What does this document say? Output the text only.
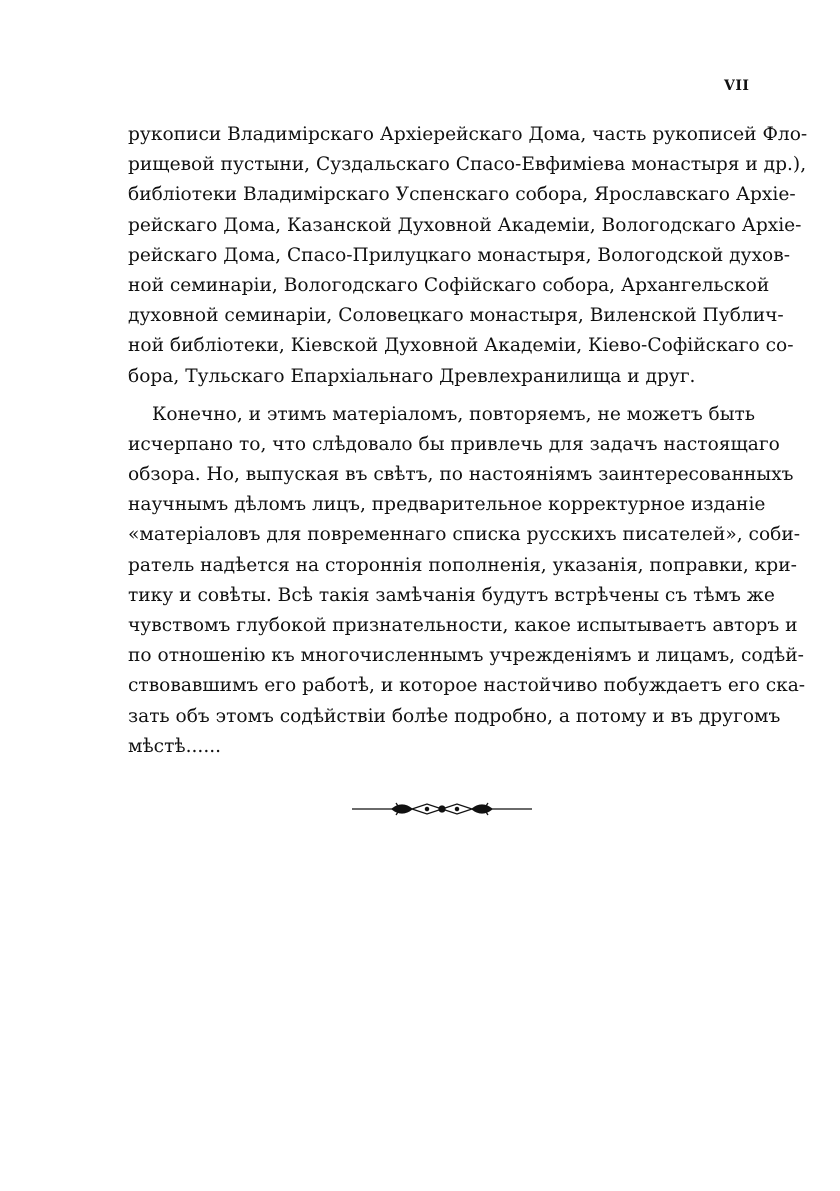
VII
рукописи Владимірскаго Архіерейскаго Дома, часть рукописей Фло-
рищевой пустыни, Суздальскаго Спасо-Евфиміева монастыря и др.),
библіотеки Владимірскаго Успенскаго собора, Ярославскаго Архіе-
рейскаго Дома, Казанской Духовной Академіи, Вологодскаго Архіе-
рейскаго Дома, Спасо-Прилуцкаго монастыря, Вологодской духов-
ной семинаріи, Вологодскаго Софійскаго собора, Архангельской
духовной семинаріи, Соловецкаго монастыря, Виленской Публич-
ной библіотеки, Кіевской Духовной Академіи, Кіево-Софійскаго со-
бора, Тульскаго Епархіальнаго Древлехранилища и друг.
Конечно, и этимъ матеріаломъ, повторяемъ, не можетъ быть
исчерпано то, что слѣдовало бы привлечь для задачъ настоящаго
обзора. Но, выпуская въ свѣтъ, по настояніямъ заинтересованныхъ
научнымъ дѣломъ лицъ, предварительное корректурное изданіе
«матеріаловъ для повременнаго списка русскихъ писателей», соби-
ратель надѣется на стороннія пополненія, указанія, поправки, кри-
тику и совѣты. Всѣ такія замѣчанія будутъ встрѣчены съ тѣмъ же
чувствомъ глубокой признательности, какое испытываетъ авторъ и
по отношенію къ многочисленнымъ учрежденіямъ и лицамъ, содѣй-
ствовавшимъ его работѣ, и которое настойчиво побуждаетъ его ска-
зать объ этомъ содѣйствіи болѣе подробно, а потому и въ другомъ
мѣстѣ......
